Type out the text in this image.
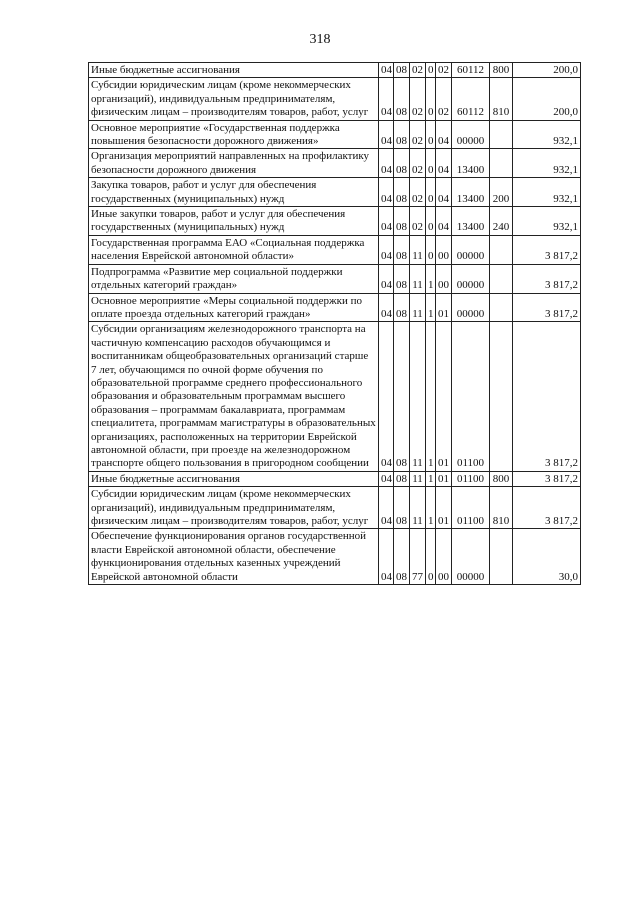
318
Иные бюджетные ассигнования	04	08	02	0	02	60112	800	200,0
Субсидии юридическим лицам (кроме некоммерческих организаций), индивидуальным предпринимателям, физическим лицам – производителям товаров, работ, услуг	04	08	02	0	02	60112	810	200,0
Основное мероприятие «Государственная поддержка повышения безопасности дорожного движения»	04	08	02	0	04	00000		932,1
Организация мероприятий направленных на профилактику безопасности дорожного движения	04	08	02	0	04	13400		932,1
Закупка товаров, работ и услуг для обеспечения государственных (муниципальных) нужд	04	08	02	0	04	13400	200	932,1
Иные закупки товаров, работ и услуг для обеспечения государственных (муниципальных) нужд	04	08	02	0	04	13400	240	932,1
Государственная программа ЕАО «Социальная поддержка населения Еврейской автономной области»	04	08	11	0	00	00000		3 817,2
Подпрограмма «Развитие мер социальной поддержки отдельных категорий граждан»	04	08	11	1	00	00000		3 817,2
Основное мероприятие «Меры социальной поддержки по оплате проезда отдельных категорий граждан»	04	08	11	1	01	00000		3 817,2
Субсидии организациям железнодорожного транспорта на частичную компенсацию расходов обучающимся и воспитанникам общеобразовательных организаций старше 7 лет, обучающимся по очной форме обучения по образовательной программе среднего профессионального образования и образовательным программам высшего образования – программам бакалавриата, программам специалитета, программам магистратуры в образовательных организациях, расположенных на территории Еврейской автономной области, при проезде на железнодорожном транспорте общего пользования в пригородном сообщении	04	08	11	1	01	01100		3 817,2
Иные бюджетные ассигнования	04	08	11	1	01	01100	800	3 817,2
Субсидии юридическим лицам (кроме некоммерческих организаций), индивидуальным предпринимателям, физическим лицам – производителям товаров, работ, услуг	04	08	11	1	01	01100	810	3 817,2
Обеспечение функционирования органов государственной власти Еврейской автономной области, обеспечение функционирования отдельных казенных учреждений Еврейской автономной области	04	08	77	0	00	00000		30,0
